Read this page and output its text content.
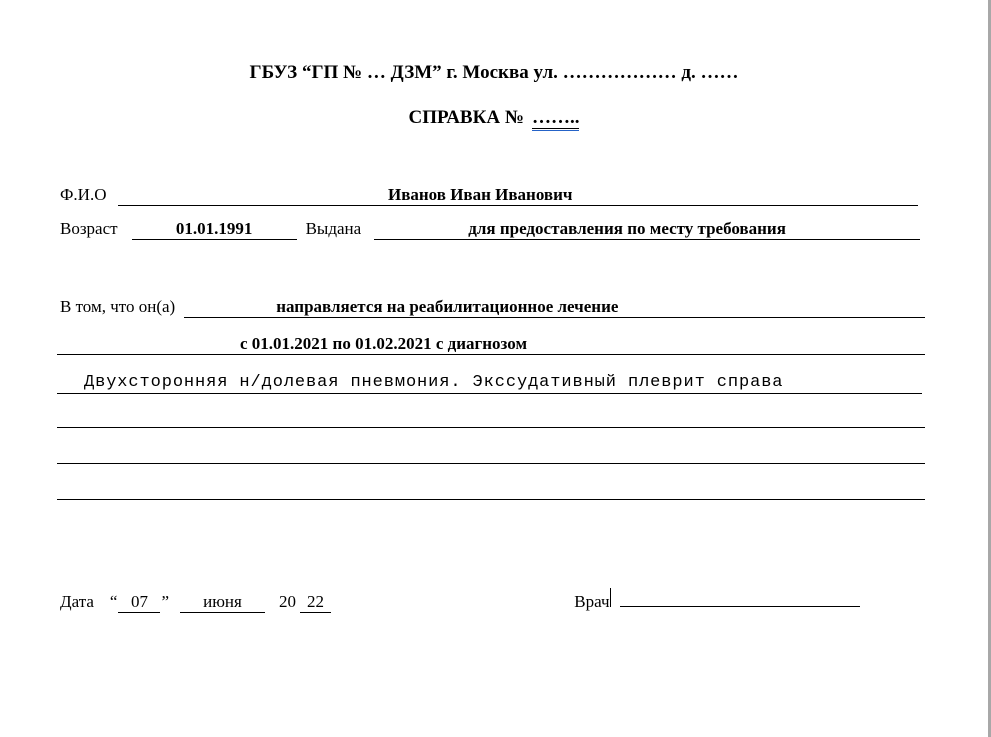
ГБУЗ “ГП № … ДЗМ” г. Москва ул. ……………… д. ……
СПРАВКА № ……..
Ф.И.О	Иванов Иван Иванович
Возраст	01.01.1991	Выдана	для предоставления по месту требования
В том, что он(а)	направляется на реабилитационное лечение
с 01.01.2021 по 01.02.2021 с диагнозом
Двухсторонняя н/долевая пневмония. Экссудативный плеврит справа
Дата “ 07 ”	июня	20 22	Врач
